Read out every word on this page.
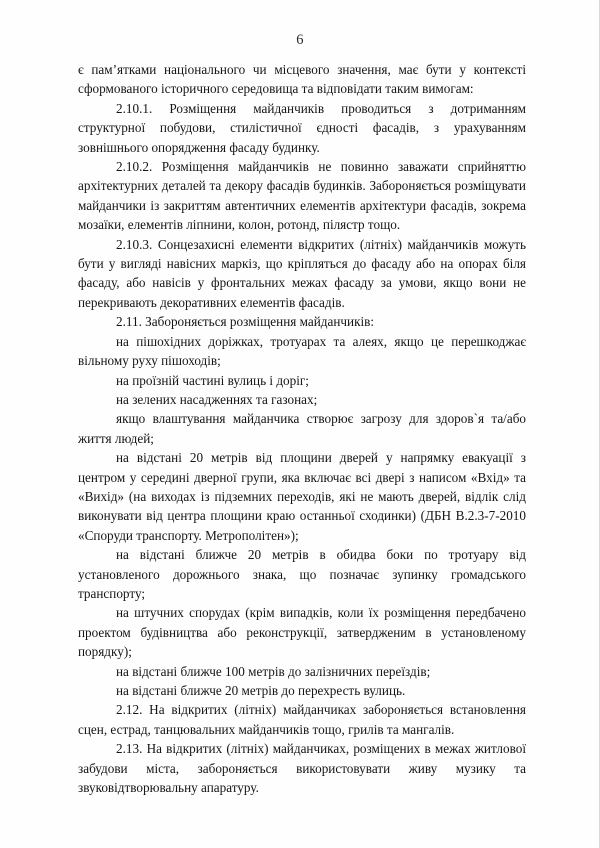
6

є пам’ятками національного чи місцевого значення, має бути у контексті сформованого історичного середовища та відповідати таким вимогам:

2.10.1. Розміщення майданчиків проводиться з дотриманням структурної побудови, стилістичної єдності фасадів, з урахуванням зовнішнього опорядження фасаду будинку.

2.10.2. Розміщення майданчиків не повинно заважати сприйняттю архітектурних деталей та декору фасадів будинків. Забороняється розміщувати майданчики із закриттям автентичних елементів архітектури фасадів, зокрема мозаїки, елементів ліпнини, колон, ротонд, пілястр тощо.

2.10.3. Сонцезахисні елементи відкритих (літніх) майданчиків можуть бути у вигляді навісних маркіз, що кріпляться до фасаду або на опорах біля фасаду, або навісів у фронтальних межах фасаду за умови, якщо вони не перекривають декоративних елементів фасадів.

2.11. Забороняється розміщення майданчиків:

на пішохідних доріжках, тротуарах та алеях, якщо це перешкоджає вільному руху пішоходів;

на проїзній частині вулиць і доріг;

на зелених насадженнях та газонах;

якщо влаштування майданчика створює загрозу для здоров`я та/або життя людей;

на відстані 20 метрів від площини дверей у напрямку евакуації з центром у середині дверної групи, яка включає всі двері з написом «Вхід» та «Вихід» (на виходах із підземних переходів, які не мають дверей, відлік слід виконувати від центра площини краю останньої сходинки) (ДБН В.2.3-7-2010 «Споруди транспорту. Метрополітен»);

на відстані ближче 20 метрів в обидва боки по тротуару від установленого дорожнього знака, що позначає зупинку громадського транспорту;

на штучних спорудах (крім випадків, коли їх розміщення передбачено проектом будівництва або реконструкції, затвердженим в установленому порядку);

на відстані ближче 100 метрів до залізничних переїздів;

на відстані ближче 20 метрів до перехресть вулиць.

2.12. На відкритих (літніх) майданчиках забороняється встановлення сцен, естрад, танцювальних майданчиків тощо, грилів та мангалів.

2.13. На відкритих (літніх) майданчиках, розміщених в межах житлової забудови міста, забороняється використовувати живу музику та звуковідтворювальну апаратуру.
